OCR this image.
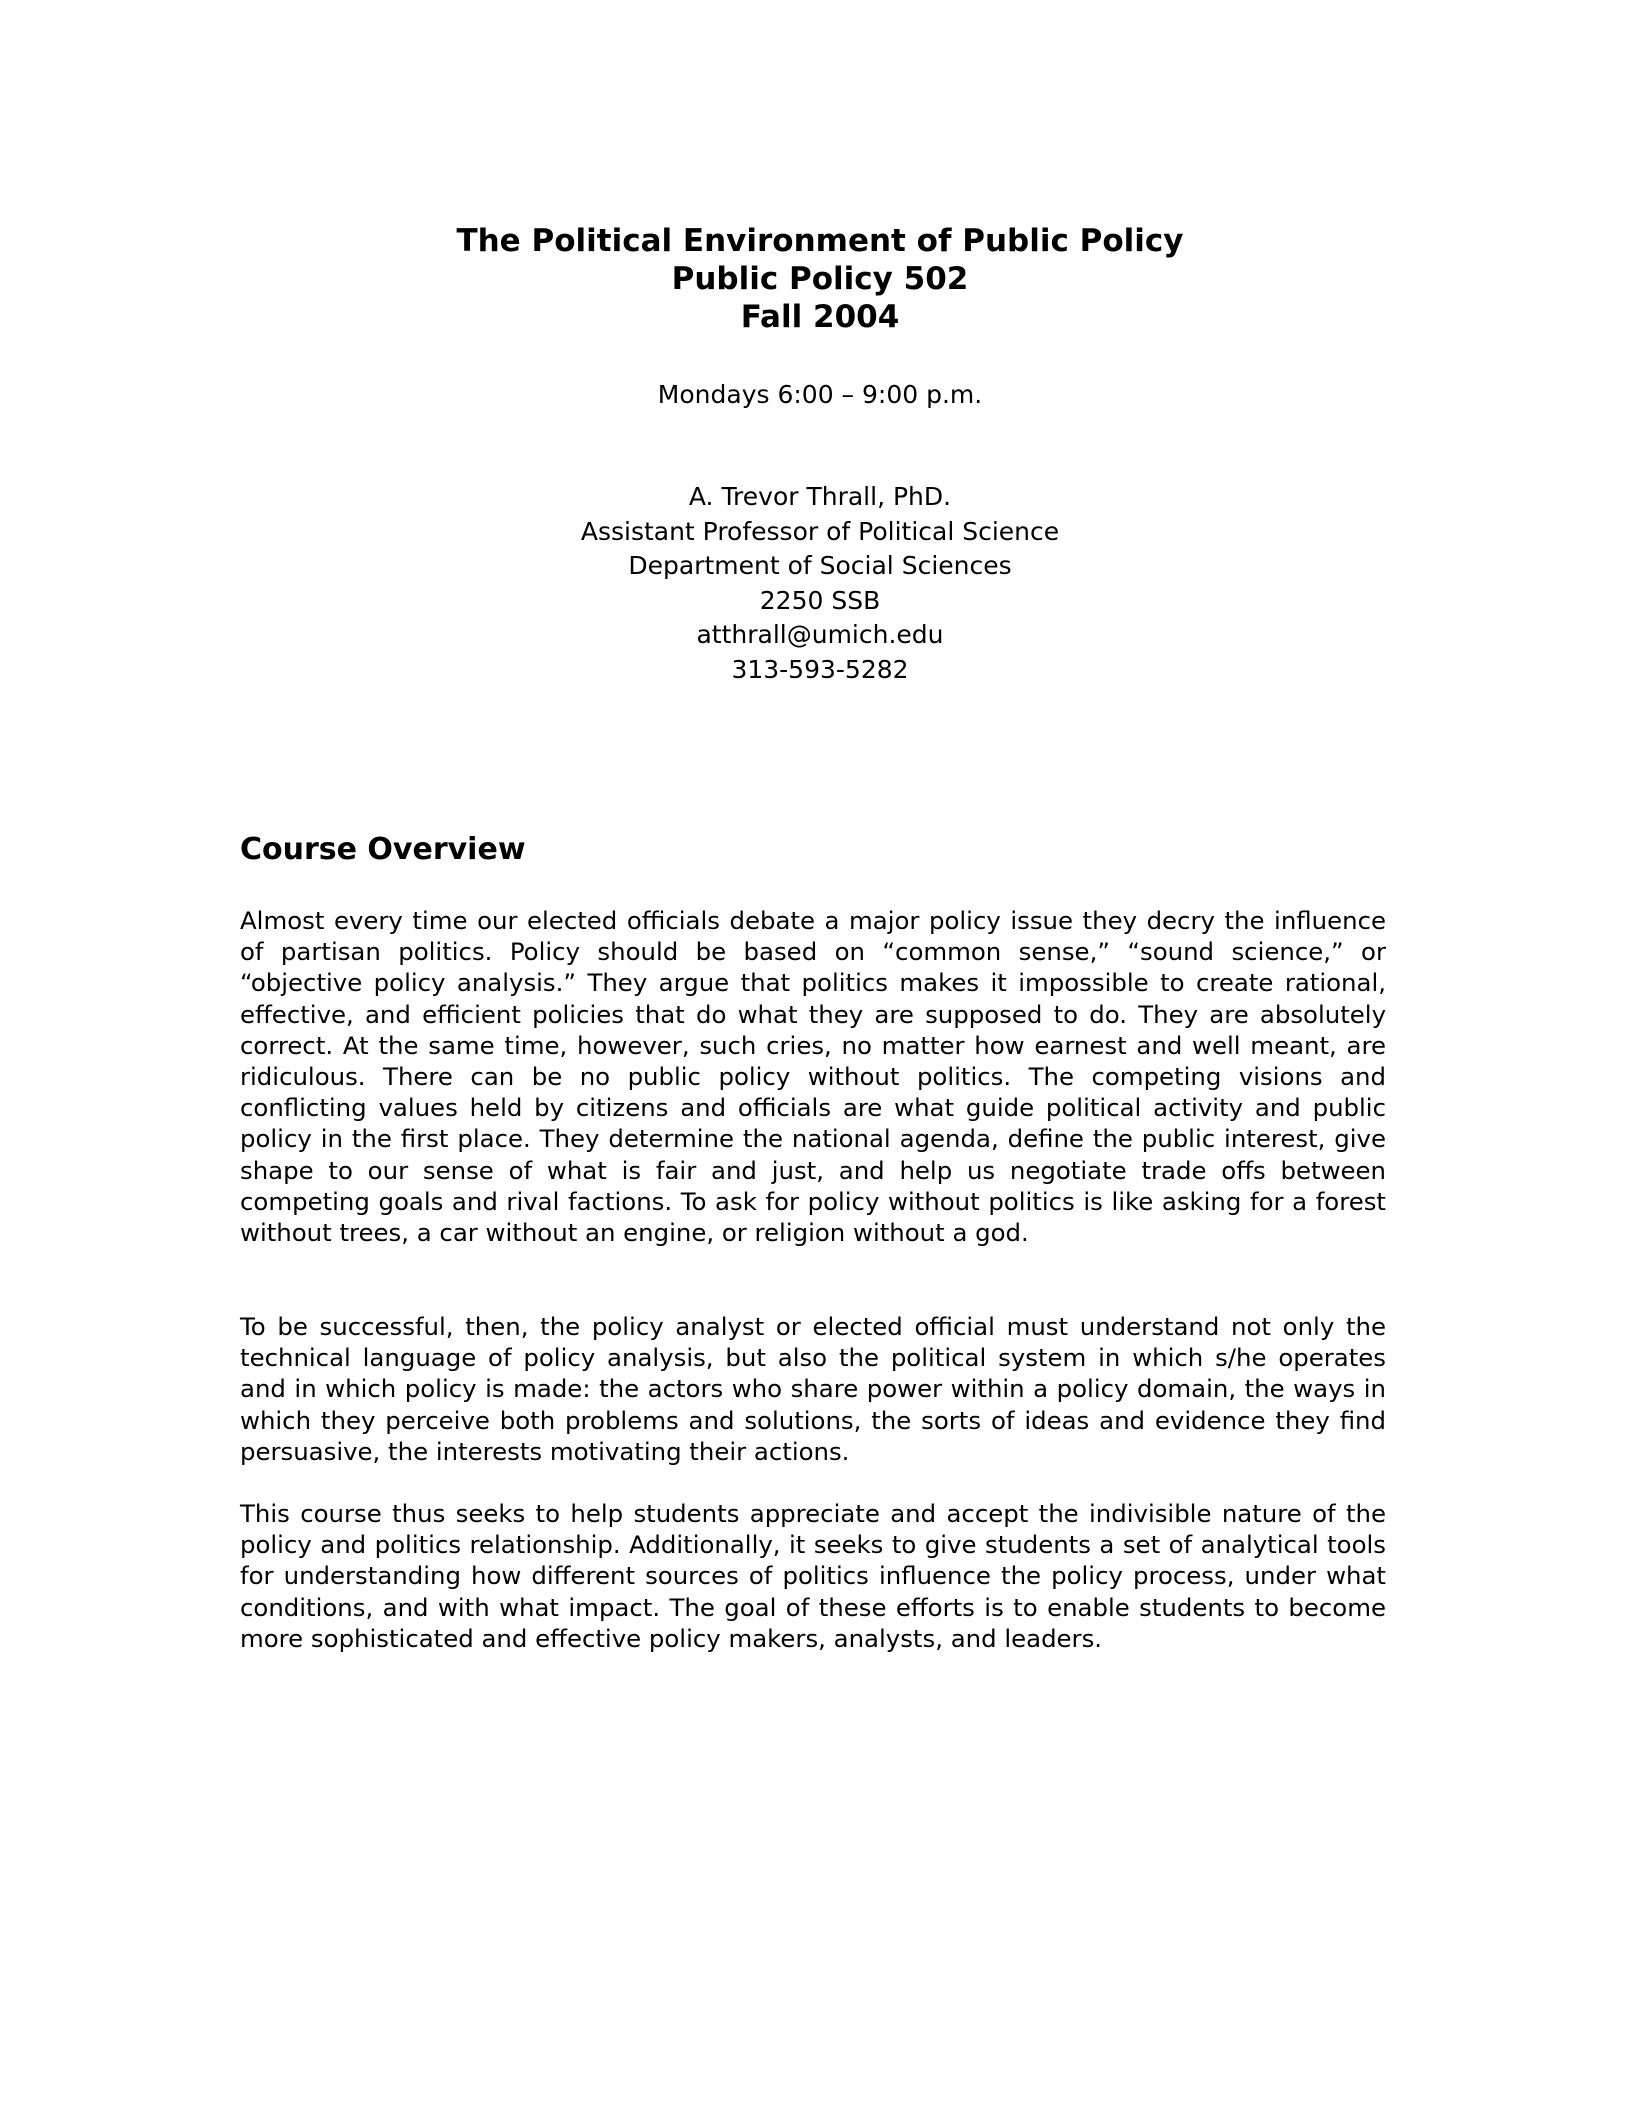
The Political Environment of Public Policy
Public Policy 502
Fall 2004
Mondays 6:00 – 9:00 p.m.
A. Trevor Thrall, PhD.
Assistant Professor of Political Science
Department of Social Sciences
2250 SSB
atthrall@umich.edu
313-593-5282
Course Overview

Almost every time our elected officials debate a major policy issue they decry the influence of partisan politics. Policy should be based on “common sense,” “sound science,” or “objective policy analysis.” They argue that politics makes it impossible to create rational, effective, and efficient policies that do what they are supposed to do. They are absolutely correct. At the same time, however, such cries, no matter how earnest and well meant, are ridiculous. There can be no public policy without politics. The competing visions and conflicting values held by citizens and officials are what guide political activity and public policy in the first place. They determine the national agenda, define the public interest, give shape to our sense of what is fair and just, and help us negotiate trade offs between competing goals and rival factions. To ask for policy without politics is like asking for a forest without trees, a car without an engine, or religion without a god.

To be successful, then, the policy analyst or elected official must understand not only the technical language of policy analysis, but also the political system in which s/he operates and in which policy is made: the actors who share power within a policy domain, the ways in which they perceive both problems and solutions, the sorts of ideas and evidence they find persuasive, the interests motivating their actions.

This course thus seeks to help students appreciate and accept the indivisible nature of the policy and politics relationship. Additionally, it seeks to give students a set of analytical tools for understanding how different sources of politics influence the policy process, under what conditions, and with what impact. The goal of these efforts is to enable students to become more sophisticated and effective policy makers, analysts, and leaders.
